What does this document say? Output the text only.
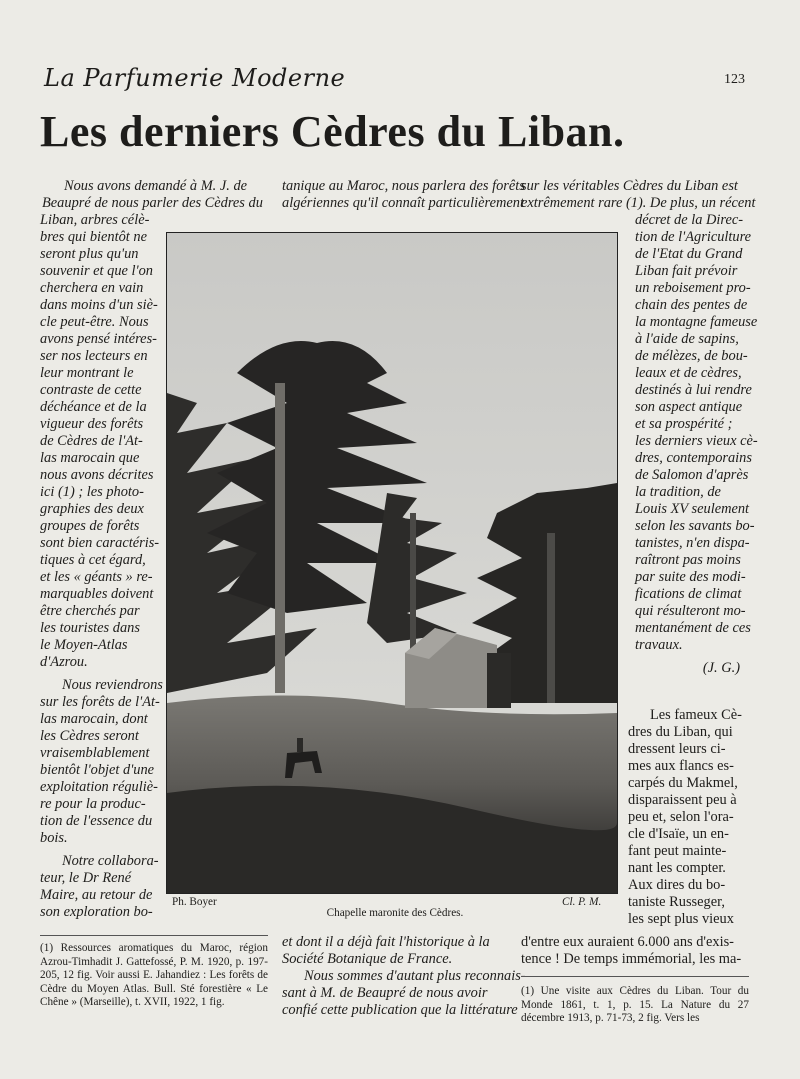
La Parfumerie Moderne	123
Les derniers Cèdres du Liban.
Nous avons demandé à M. J. de
Beaupré de nous parler des Cèdres du
Liban, arbres célè-
bres qui bientôt ne
seront plus qu'un
souvenir et que l'on
cherchera en vain
dans moins d'un siè-
cle peut-être. Nous
avons pensé intéres-
ser nos lecteurs en
leur montrant le
contraste de cette
déchéance et de la
vigueur des forêts
de Cèdres de l'At-
las marocain que
nous avons décrites
ici (1) ; les photo-
graphies des deux
groupes de forêts
sont bien caractéris-
tiques à cet égard,
et les « géants » re-
marquables doivent
être cherchés par
les touristes dans
le Moyen-Atlas
d'Azrou.
Nous reviendrons
sur les forêts de l'At-
las marocain, dont
les Cèdres seront
vraisemblablement
bientôt l'objet d'une
exploitation réguliè-
re pour la produc-
tion de l'essence du
bois.
Notre collabora-
teur, le Dr René
Maire, au retour de
son exploration bo-
(1) Ressources aromatiques du Maroc, région Azrou-Timhadit J. Gattefossé, P. M. 1920, p. 197-205, 12 fig. Voir aussi E. Jahandiez : Les forêts de Cèdre du Moyen Atlas. Bull. Sté forestière « Le Chêne » (Marseille), t. XVII, 1922, 1 fig.
tanique au Maroc, nous parlera des forêts
algériennes qu'il connaît particulièrement
Ph. Boyer	Cl. P. M.
Chapelle maronite des Cèdres.
et dont il a déjà fait l'historique à la
Société Botanique de France.
Nous sommes d'autant plus reconnais-
sant à M. de Beaupré de nous avoir
confié cette publication que la littérature
sur les véritables Cèdres du Liban est
extrêmement rare (1). De plus, un récent
décret de la Direc-
tion de l'Agriculture
de l'Etat du Grand
Liban fait prévoir
un reboisement pro-
chain des pentes de
la montagne fameuse
à l'aide de sapins,
de mélèzes, de bou-
leaux et de cèdres,
destinés à lui rendre
son aspect antique
et sa prospérité ;
les derniers vieux cè-
dres, contemporains
de Salomon d'après
la tradition, de
Louis XV seulement
selon les savants bo-
tanistes, n'en dispa-
raîtront pas moins
par suite des modi-
fications de climat
qui résulteront mo-
mentanément de ces
travaux.
(J. G.)
Les fameux Cè-
dres du Liban, qui
dressent leurs ci-
mes aux flancs es-
carpés du Makmel,
disparaissent peu à
peu et, selon l'ora-
cle d'Isaïe, un en-
fant peut mainte-
nant les compter.
Aux dires du bo-
taniste Russeger,
les sept plus vieux
d'entre eux auraient 6.000 ans d'exis-
tence ! De temps immémorial, les ma-
(1) Une visite aux Cèdres du Liban. Tour du Monde 1861, t. 1, p. 15. La Nature du 27 décembre 1913, p. 71-73, 2 fig. Vers les
